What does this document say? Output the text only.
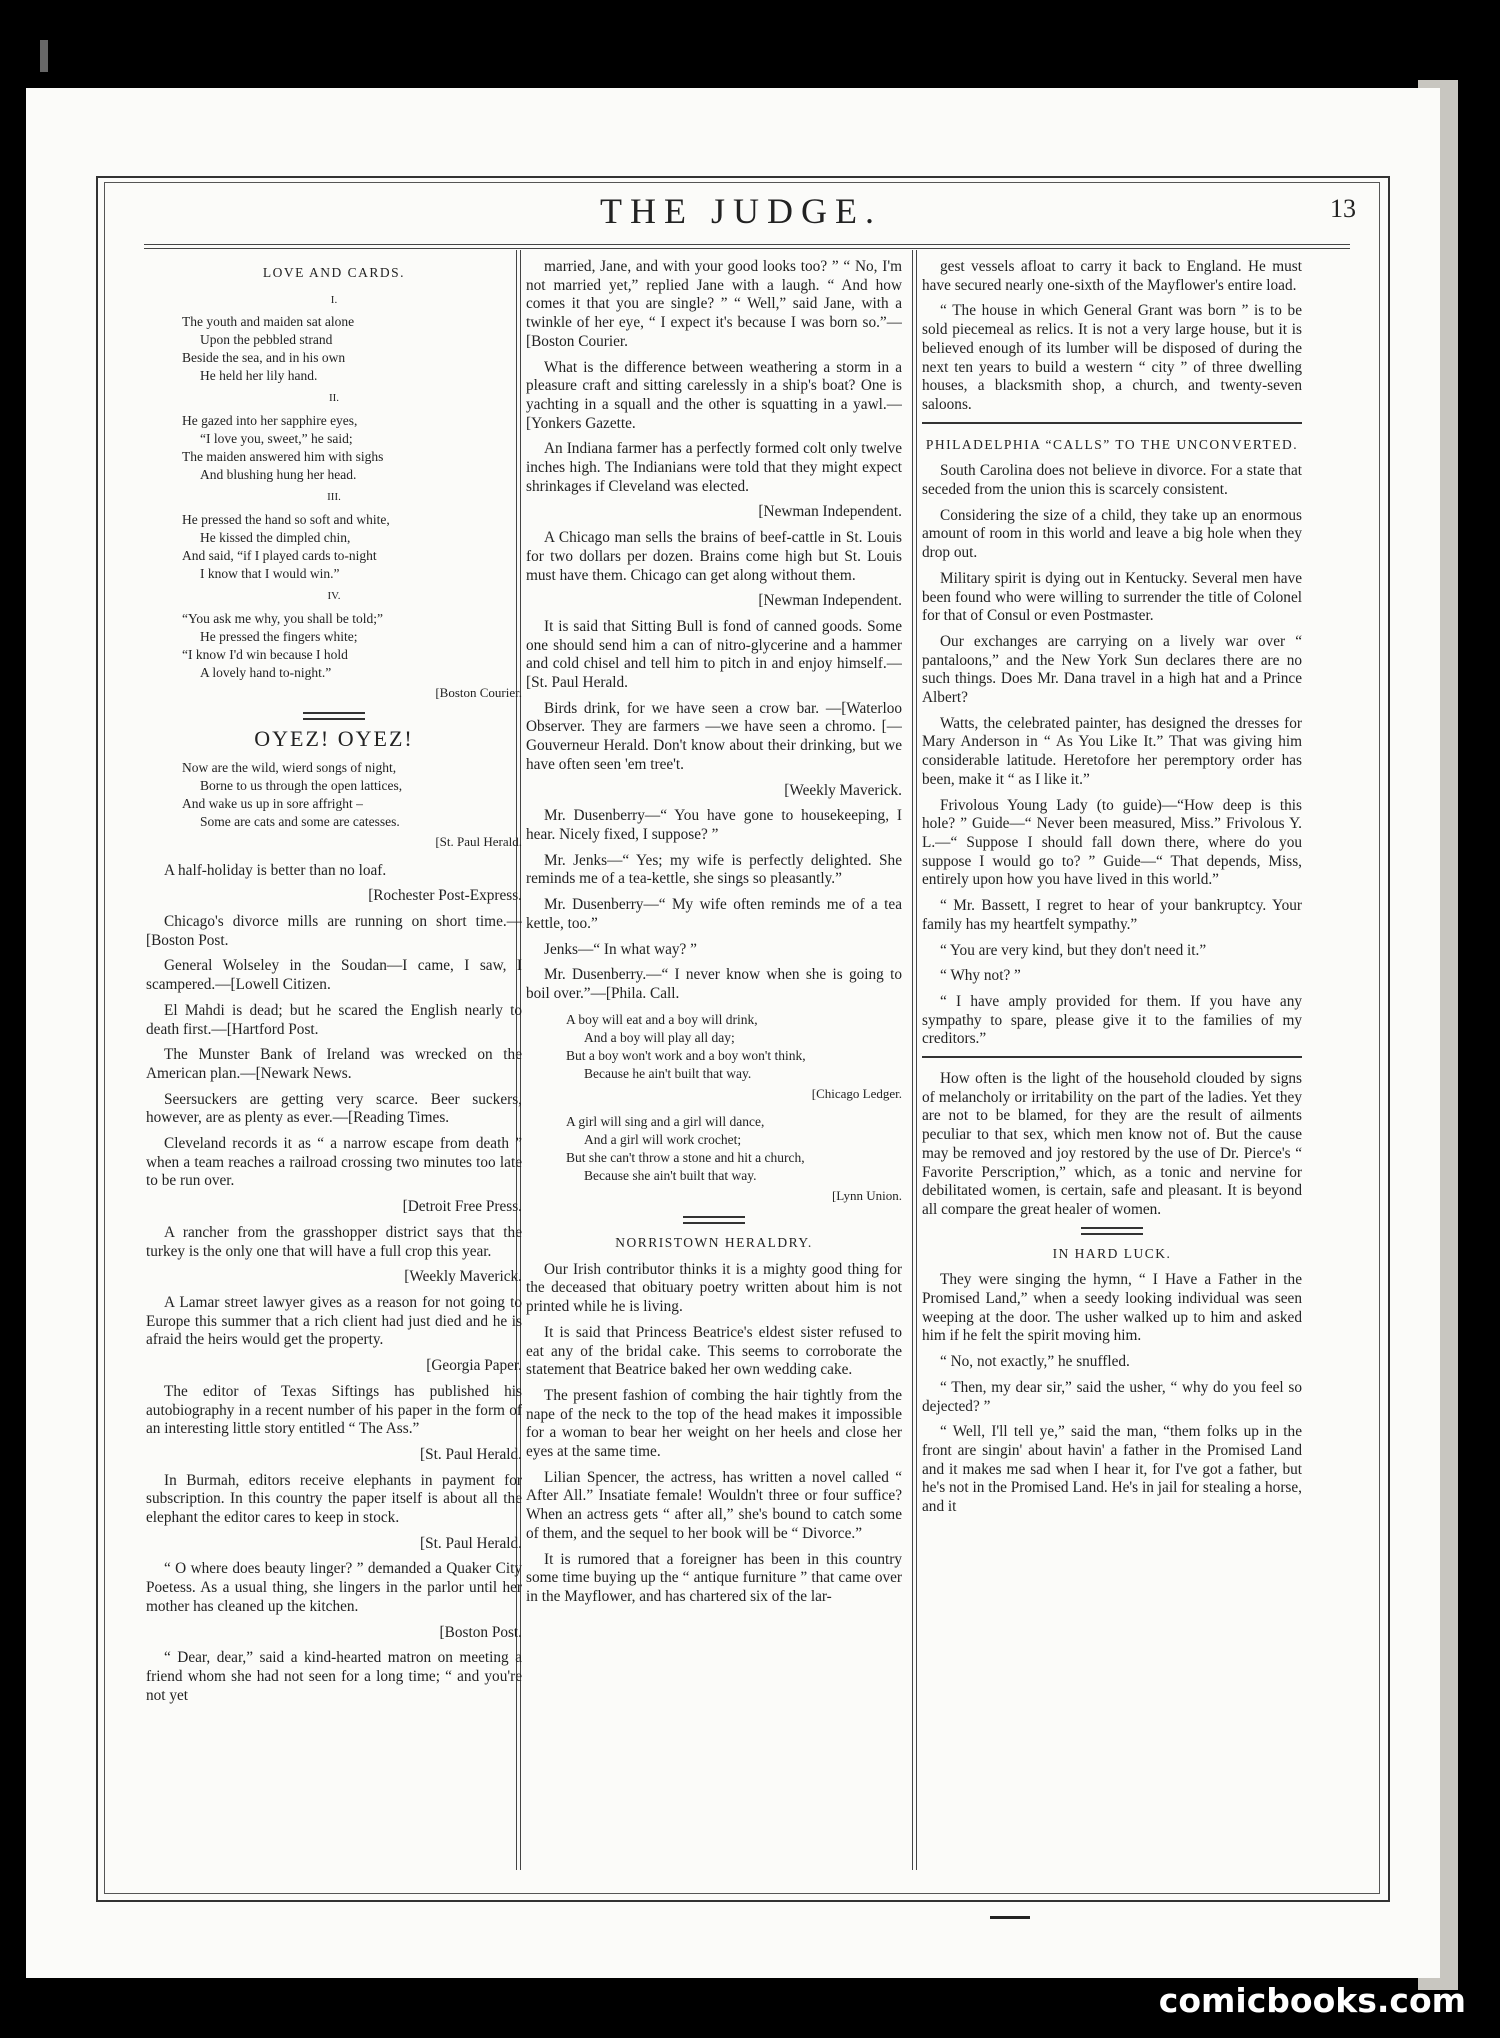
THE JUDGE.	13
LOVE AND CARDS.
I.
The youth and maiden sat alone
Upon the pebbled strand
Beside the sea, and in his own
He held her lily hand.
II.
He gazed into her sapphire eyes,
“I love you, sweet,” he said;
The maiden answered him with sighs
And blushing hung her head.
III.
He pressed the hand so soft and white,
He kissed the dimpled chin,
And said, “if I played cards to-night
I know that I would win.”
IV.
“You ask me why, you shall be told;”
He pressed the fingers white;
“I know I'd win because I hold
A lovely hand to-night.”
[Boston Courier.
OYEZ! OYEZ!
Now are the wild, wierd songs of night,
Borne to us through the open lattices,
And wake us up in sore affright –
Some are cats and some are catesses.
[St. Paul Herald.

A half-holiday is better than no loaf.

[Rochester Post-Express.

Chicago's divorce mills are running on short time.—[Boston Post.

General Wolseley in the Soudan—I came, I saw, I scampered.—[Lowell Citizen.

El Mahdi is dead; but he scared the English nearly to death first.—[Hartford Post.

The Munster Bank of Ireland was wrecked on the American plan.—[Newark News.

Seersuckers are getting very scarce. Beer suckers, however, are as plenty as ever.—[Reading Times.

Cleveland records it as “ a narrow escape from death ” when a team reaches a railroad crossing two minutes too late to be run over.

[Detroit Free Press.

A rancher from the grasshopper district says that the turkey is the only one that will have a full crop this year.

[Weekly Maverick.

A Lamar street lawyer gives as a reason for not going to Europe this summer that a rich client had just died and he is afraid the heirs would get the property.

[Georgia Paper.

The editor of Texas Siftings has published his autobiography in a recent number of his paper in the form of an interesting little story entitled “ The Ass.”

[St. Paul Herald.

In Burmah, editors receive elephants in payment for subscription. In this country the paper itself is about all the elephant the editor cares to keep in stock.

[St. Paul Herald.

“ O where does beauty linger? ” demanded a Quaker City Poetess. As a usual thing, she lingers in the parlor until her mother has cleaned up the kitchen.

[Boston Post.

“ Dear, dear,” said a kind-hearted matron on meeting a friend whom she had not seen for a long time; “ and you're not yet

married, Jane, and with your good looks too? ” “ No, I'm not married yet,” replied Jane with a laugh. “ And how comes it that you are single? ” “ Well,” said Jane, with a twinkle of her eye, “ I expect it's because I was born so.”—[Boston Courier.

What is the difference between weathering a storm in a pleasure craft and sitting carelessly in a ship's boat? One is yachting in a squall and the other is squatting in a yawl.—[Yonkers Gazette.

An Indiana farmer has a perfectly formed colt only twelve inches high. The Indianians were told that they might expect shrinkages if Cleveland was elected.

[Newman Independent.

A Chicago man sells the brains of beef-cattle in St. Louis for two dollars per dozen. Brains come high but St. Louis must have them. Chicago can get along without them.

[Newman Independent.

It is said that Sitting Bull is fond of canned goods. Some one should send him a can of nitro-glycerine and a hammer and cold chisel and tell him to pitch in and enjoy himself.—[St. Paul Herald.

Birds drink, for we have seen a crow bar. —[Waterloo Observer. They are farmers —we have seen a chromo. [—Gouverneur Herald. Don't know about their drinking, but we have often seen 'em tree't.

[Weekly Maverick.

Mr. Dusenberry—“ You have gone to housekeeping, I hear. Nicely fixed, I suppose? ”

Mr. Jenks—“ Yes; my wife is perfectly delighted. She reminds me of a tea-kettle, she sings so pleasantly.”

Mr. Dusenberry—“ My wife often reminds me of a tea kettle, too.”

Jenks—“ In what way? ”

Mr. Dusenberry.—“ I never know when she is going to boil over.”—[Phila. Call.

A boy will eat and a boy will drink,
And a boy will play all day;
But a boy won't work and a boy won't think,
Because he ain't built that way.
[Chicago Ledger.
A girl will sing and a girl will dance,
And a girl will work crochet;
But she can't throw a stone and hit a church,
Because she ain't built that way.
[Lynn Union.
NORRISTOWN HERALDRY.

Our Irish contributor thinks it is a mighty good thing for the deceased that obituary poetry written about him is not printed while he is living.

It is said that Princess Beatrice's eldest sister refused to eat any of the bridal cake. This seems to corroborate the statement that Beatrice baked her own wedding cake.

The present fashion of combing the hair tightly from the nape of the neck to the top of the head makes it impossible for a woman to bear her weight on her heels and close her eyes at the same time.

Lilian Spencer, the actress, has written a novel called “ After All.” Insatiate female! Wouldn't three or four suffice? When an actress gets “ after all,” she's bound to catch some of them, and the sequel to her book will be “ Divorce.”

It is rumored that a foreigner has been in this country some time buying up the “ antique furniture ” that came over in the Mayflower, and has chartered six of the lar-

gest vessels afloat to carry it back to England. He must have secured nearly one-sixth of the Mayflower's entire load.

“ The house in which General Grant was born ” is to be sold piecemeal as relics. It is not a very large house, but it is believed enough of its lumber will be disposed of during the next ten years to build a western “ city ” of three dwelling houses, a blacksmith shop, a church, and twenty-seven saloons.

PHILADELPHIA “CALLS” TO THE UNCONVERTED.

South Carolina does not believe in divorce. For a state that seceded from the union this is scarcely consistent.

Considering the size of a child, they take up an enormous amount of room in this world and leave a big hole when they drop out.

Military spirit is dying out in Kentucky. Several men have been found who were willing to surrender the title of Colonel for that of Consul or even Postmaster.

Our exchanges are carrying on a lively war over “ pantaloons,” and the New York Sun declares there are no such things. Does Mr. Dana travel in a high hat and a Prince Albert?

Watts, the celebrated painter, has designed the dresses for Mary Anderson in “ As You Like It.” That was giving him considerable latitude. Heretofore her peremptory order has been, make it “ as I like it.”

Frivolous Young Lady (to guide)—“How deep is this hole? ” Guide—“ Never been measured, Miss.” Frivolous Y. L.—“ Suppose I should fall down there, where do you suppose I would go to? ” Guide—“ That depends, Miss, entirely upon how you have lived in this world.”

“ Mr. Bassett, I regret to hear of your bankruptcy. Your family has my heartfelt sympathy.”

“ You are very kind, but they don't need it.”

“ Why not? ”

“ I have amply provided for them. If you have any sympathy to spare, please give it to the families of my creditors.”

How often is the light of the household clouded by signs of melancholy or irritability on the part of the ladies. Yet they are not to be blamed, for they are the result of ailments peculiar to that sex, which men know not of. But the cause may be removed and joy restored by the use of Dr. Pierce's “ Favorite Perscription,” which, as a tonic and nervine for debilitated women, is certain, safe and pleasant. It is beyond all compare the great healer of women.

IN HARD LUCK.

They were singing the hymn, “ I Have a Father in the Promised Land,” when a seedy looking individual was seen weeping at the door. The usher walked up to him and asked him if he felt the spirit moving him.

“ No, not exactly,” he snuffled.

“ Then, my dear sir,” said the usher, “ why do you feel so dejected? ”

“ Well, I'll tell ye,” said the man, “them folks up in the front are singin' about havin' a father in the Promised Land and it makes me sad when I hear it, for I've got a father, but he's not in the Promised Land. He's in jail for stealing a horse, and it

comicbooks.com
